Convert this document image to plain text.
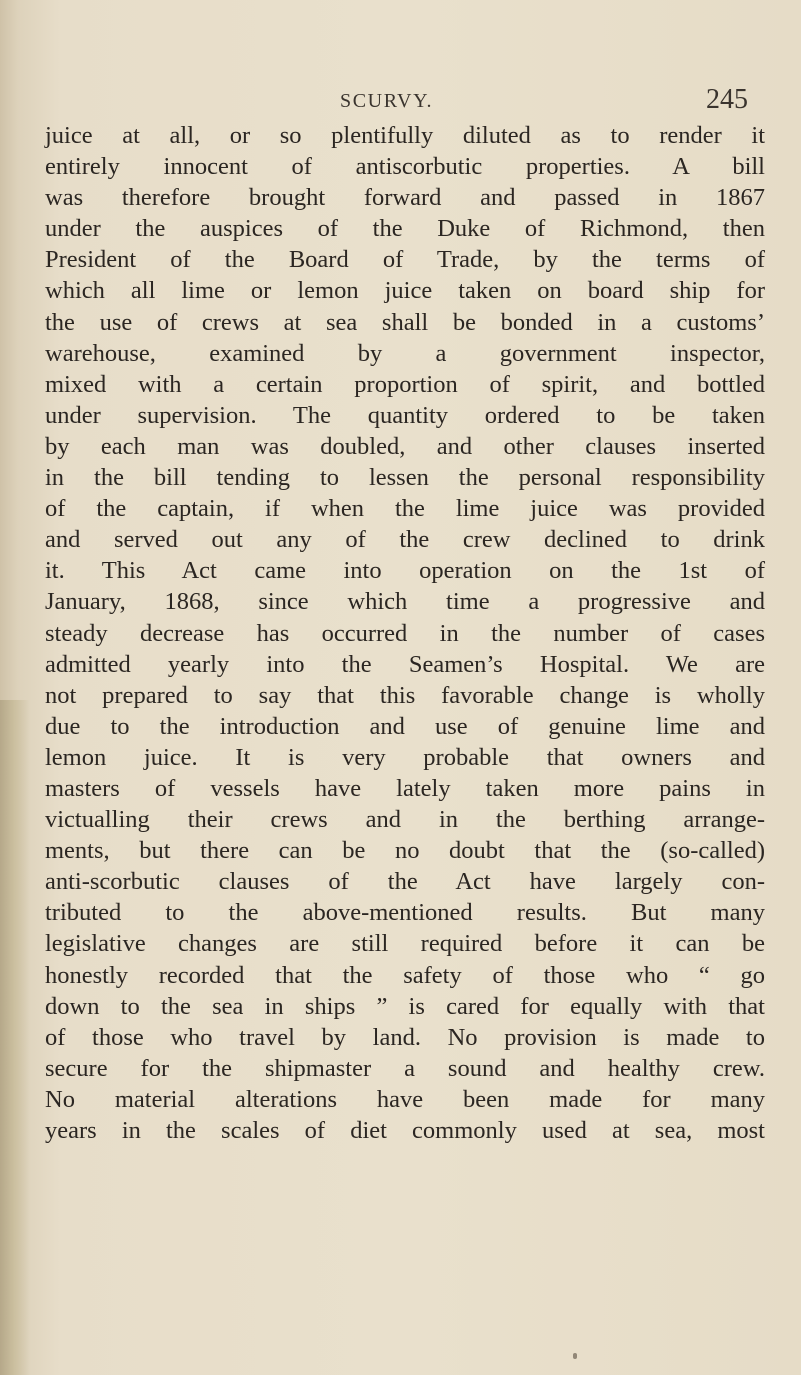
SCURVY.	245
juice at all, or so plentifully diluted as to render it
entirely innocent of antiscorbutic properties. A bill
was therefore brought forward and passed in 1867
under the auspices of the Duke of Richmond, then
President of the Board of Trade, by the terms of
which all lime or lemon juice taken on board ship for
the use of crews at sea shall be bonded in a customs’
warehouse, examined by a government inspector,
mixed with a certain proportion of spirit, and bottled
under supervision. The quantity ordered to be taken
by each man was doubled, and other clauses inserted
in the bill tending to lessen the personal responsibility
of the captain, if when the lime juice was provided
and served out any of the crew declined to drink
it. This Act came into operation on the 1st of
January, 1868, since which time a progressive and
steady decrease has occurred in the number of cases
admitted yearly into the Seamen’s Hospital. We are
not prepared to say that this favorable change is wholly
due to the introduction and use of genuine lime and
lemon juice. It is very probable that owners and
masters of vessels have lately taken more pains in
victualling their crews and in the berthing arrange-
ments, but there can be no doubt that the (so-called)
anti-scorbutic clauses of the Act have largely con-
tributed to the above-mentioned results. But many
legislative changes are still required before it can be
honestly recorded that the safety of those who “ go
down to the sea in ships ” is cared for equally with that
of those who travel by land. No provision is made to
secure for the shipmaster a sound and healthy crew.
No material alterations have been made for many
years in the scales of diet commonly used at sea, most
